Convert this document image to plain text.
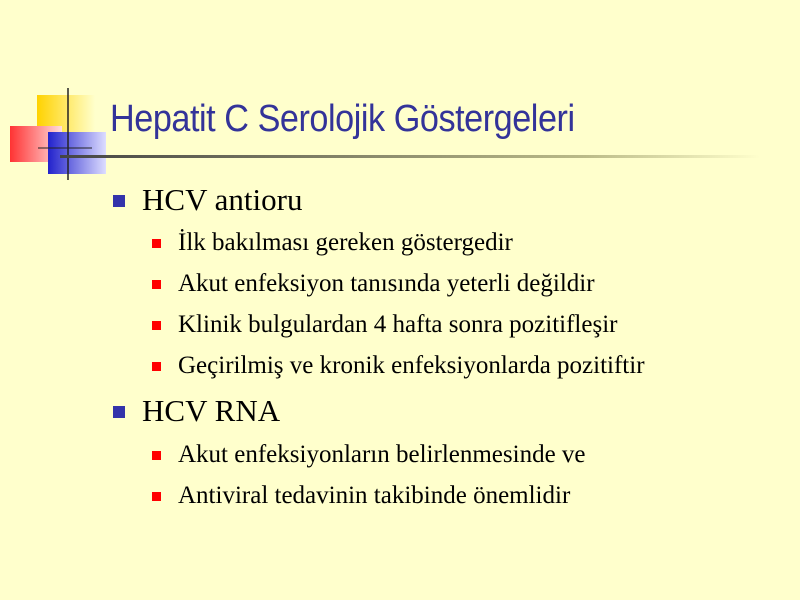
Hepatit C Serolojik Göstergeleri
HCV antioru
İlk bakılması gereken göstergedir
Akut enfeksiyon tanısında yeterli değildir
Klinik bulgulardan 4 hafta sonra pozitifleşir
Geçirilmiş ve kronik enfeksiyonlarda pozitiftir
HCV RNA
Akut enfeksiyonların belirlenmesinde ve
Antiviral tedavinin takibinde önemlidir
